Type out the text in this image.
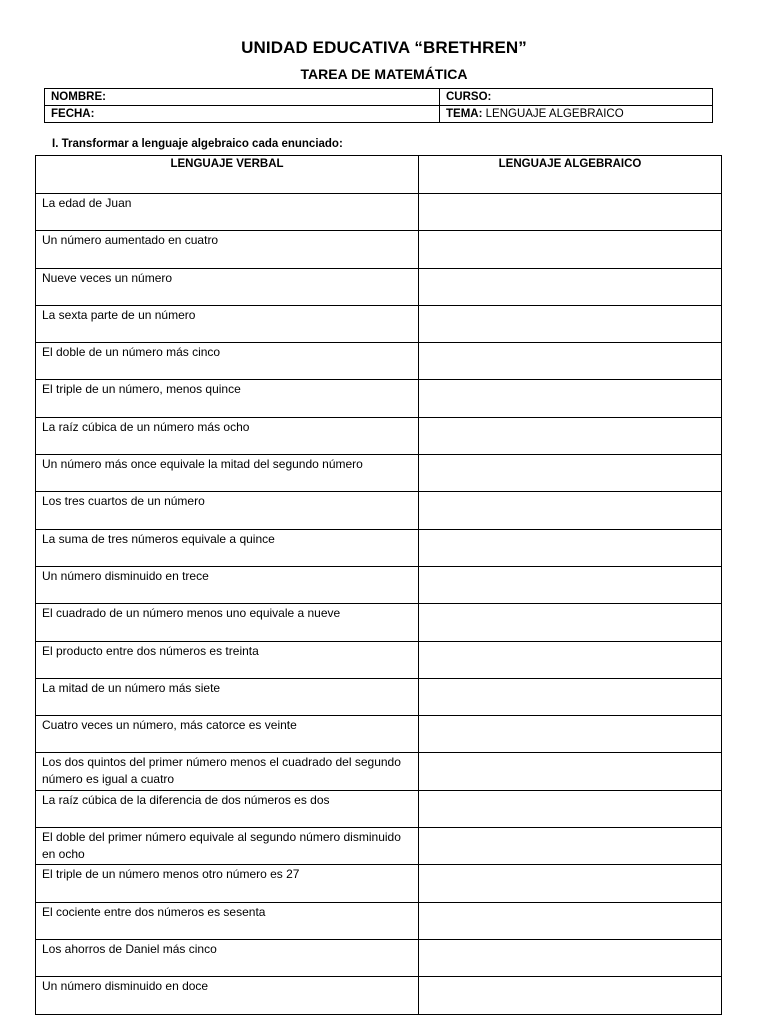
UNIDAD EDUCATIVA “BRETHREN”
TAREA DE MATEMÁTICA
NOMBRE:	CURSO:
FECHA:	TEMA: LENGUAJE ALGEBRAICO
I. Transformar a lenguaje algebraico cada enunciado:
LENGUAJE VERBAL	LENGUAJE ALGEBRAICO
La edad de Juan	
Un número aumentado en cuatro	
Nueve veces un número	
La sexta parte de un número	
El doble de un número más cinco	
El triple de un número, menos quince	
La raíz cúbica de un número más ocho	
Un número más once equivale la mitad del segundo número	
Los tres cuartos de un número	
La suma de tres números equivale a quince	
Un número disminuido en trece	
El cuadrado de un número menos uno equivale a nueve	
El producto entre dos números es treinta	
La mitad de un número más siete	
Cuatro veces un número, más catorce es veinte	
Los dos quintos del primer número menos el cuadrado del segundo número es igual a cuatro	
La raíz cúbica de la diferencia de dos números es dos	
El doble del primer número equivale al segundo número disminuido en ocho	
El triple de un número menos otro número es 27	
El cociente entre dos números es sesenta	
Los ahorros de Daniel más cinco	
Un número disminuido en doce	
